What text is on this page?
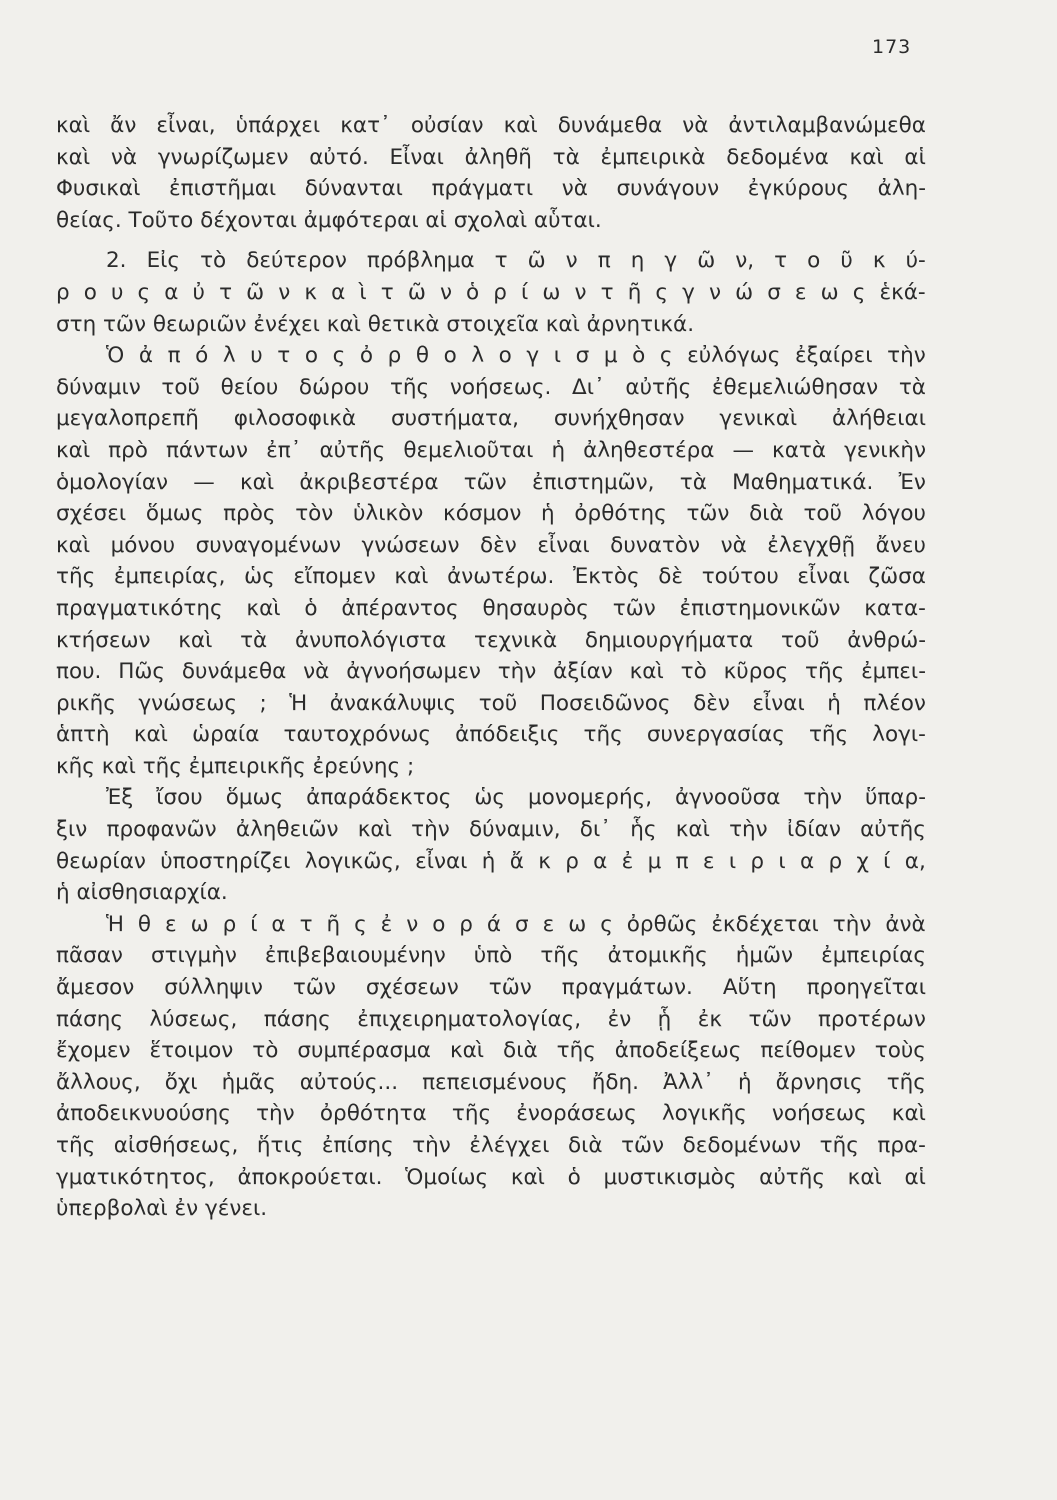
173
καὶ ἄν εἶναι, ὑπάρχει κατ᾽ οὐσίαν καὶ δυνάμεθα νὰ ἀντιλαμβανώμεθα
καὶ νὰ γνωρίζωμεν αὐτό. Εἶναι ἀληθῆ τὰ ἐμπειρικὰ δεδομένα καὶ αἱ
Φυσικαὶ ἐπιστῆμαι δύνανται πράγματι νὰ συνάγουν ἐγκύρους ἀλη-
θείας. Τοῦτο δέχονται ἀμφότεραι αἱ σχολαὶ αὗται.
2. Εἰς τὸ δεύτερον πρόβλημα τ ῶ ν π η γ ῶ ν, τ ο ῦ κ ύ-
ρ ο υ ς α ὐ τ ῶ ν κ α ὶ τ ῶ ν ὁ ρ ί ω ν τ ῆ ς γ ν ώ σ ε ω ς ἑκά-
στη τῶν θεωριῶν ἐνέχει καὶ θετικὰ στοιχεῖα καὶ ἀρνητικά.
Ὁ ἀ π ό λ υ τ ο ς ὀ ρ θ ο λ ο γ ι σ μ ὸ ς εὐλόγως ἐξαίρει τὴν
δύναμιν τοῦ θείου δώρου τῆς νοήσεως. Δι᾽ αὐτῆς ἐθεμελιώθησαν τὰ
μεγαλοπρεπῆ φιλοσοφικὰ συστήματα, συνήχθησαν γενικαὶ ἀλήθειαι
καὶ πρὸ πάντων ἐπ᾽ αὐτῆς θεμελιοῦται ἡ ἀληθεστέρα — κατὰ γενικὴν
ὁμολογίαν — καὶ ἀκριβεστέρα τῶν ἐπιστημῶν, τὰ Μαθηματικά. Ἐν
σχέσει ὅμως πρὸς τὸν ὑλικὸν κόσμον ἡ ὀρθότης τῶν διὰ τοῦ λόγου
καὶ μόνου συναγομένων γνώσεων δὲν εἶναι δυνατὸν νὰ ἐλεγχθῇ ἄνευ
τῆς ἐμπειρίας, ὡς εἴπομεν καὶ ἀνωτέρω. Ἐκτὸς δὲ τούτου εἶναι ζῶσα
πραγματικότης καὶ ὁ ἀπέραντος θησαυρὸς τῶν ἐπιστημονικῶν κατα-
κτήσεων καὶ τὰ ἀνυπολόγιστα τεχνικὰ δημιουργήματα τοῦ ἀνθρώ-
που. Πῶς δυνάμεθα νὰ ἀγνοήσωμεν τὴν ἀξίαν καὶ τὸ κῦρος τῆς ἐμπει-
ρικῆς γνώσεως ; Ἡ ἀνακάλυψις τοῦ Ποσειδῶνος δὲν εἶναι ἡ πλέον
ἁπτὴ καὶ ὡραία ταυτοχρόνως ἀπόδειξις τῆς συνεργασίας τῆς λογι-
κῆς καὶ τῆς ἐμπειρικῆς ἐρεύνης ;
Ἐξ ἴσου ὅμως ἀπαράδεκτος ὡς μονομερής, ἀγνοοῦσα τὴν ὕπαρ-
ξιν προφανῶν ἀληθειῶν καὶ τὴν δύναμιν, δι᾽ ἧς καὶ τὴν ἰδίαν αὐτῆς
θεωρίαν ὑποστηρίζει λογικῶς, εἶναι ἡ ἄ κ ρ α ἐ μ π ε ι ρ ι α ρ χ ί α,
ἡ αἰσθησιαρχία.
Ἡ θ ε ω ρ ί α τ ῆ ς ἐ ν ο ρ ά σ ε ω ς ὀρθῶς ἐκδέχεται τὴν ἀνὰ
πᾶσαν στιγμὴν ἐπιβεβαιουμένην ὑπὸ τῆς ἀτομικῆς ἡμῶν ἐμπειρίας
ἄμεσον σύλληψιν τῶν σχέσεων τῶν πραγμάτων. Αὕτη προηγεῖται
πάσης λύσεως, πάσης ἐπιχειρηματολογίας, ἐν ᾗ ἐκ τῶν προτέρων
ἔχομεν ἕτοιμον τὸ συμπέρασμα καὶ διὰ τῆς ἀποδείξεως πείθομεν τοὺς
ἄλλους, ὄχι ἡμᾶς αὐτούς... πεπεισμένους ἤδη. Ἀλλ᾽ ἡ ἄρνησις τῆς
ἀποδεικνυούσης τὴν ὀρθότητα τῆς ἐνοράσεως λογικῆς νοήσεως καὶ
τῆς αἰσθήσεως, ἥτις ἐπίσης τὴν ἐλέγχει διὰ τῶν δεδομένων τῆς πρα-
γματικότητος, ἀποκρούεται. Ὁμοίως καὶ ὁ μυστικισμὸς αὐτῆς καὶ αἱ
ὑπερβολαὶ ἐν γένει.
